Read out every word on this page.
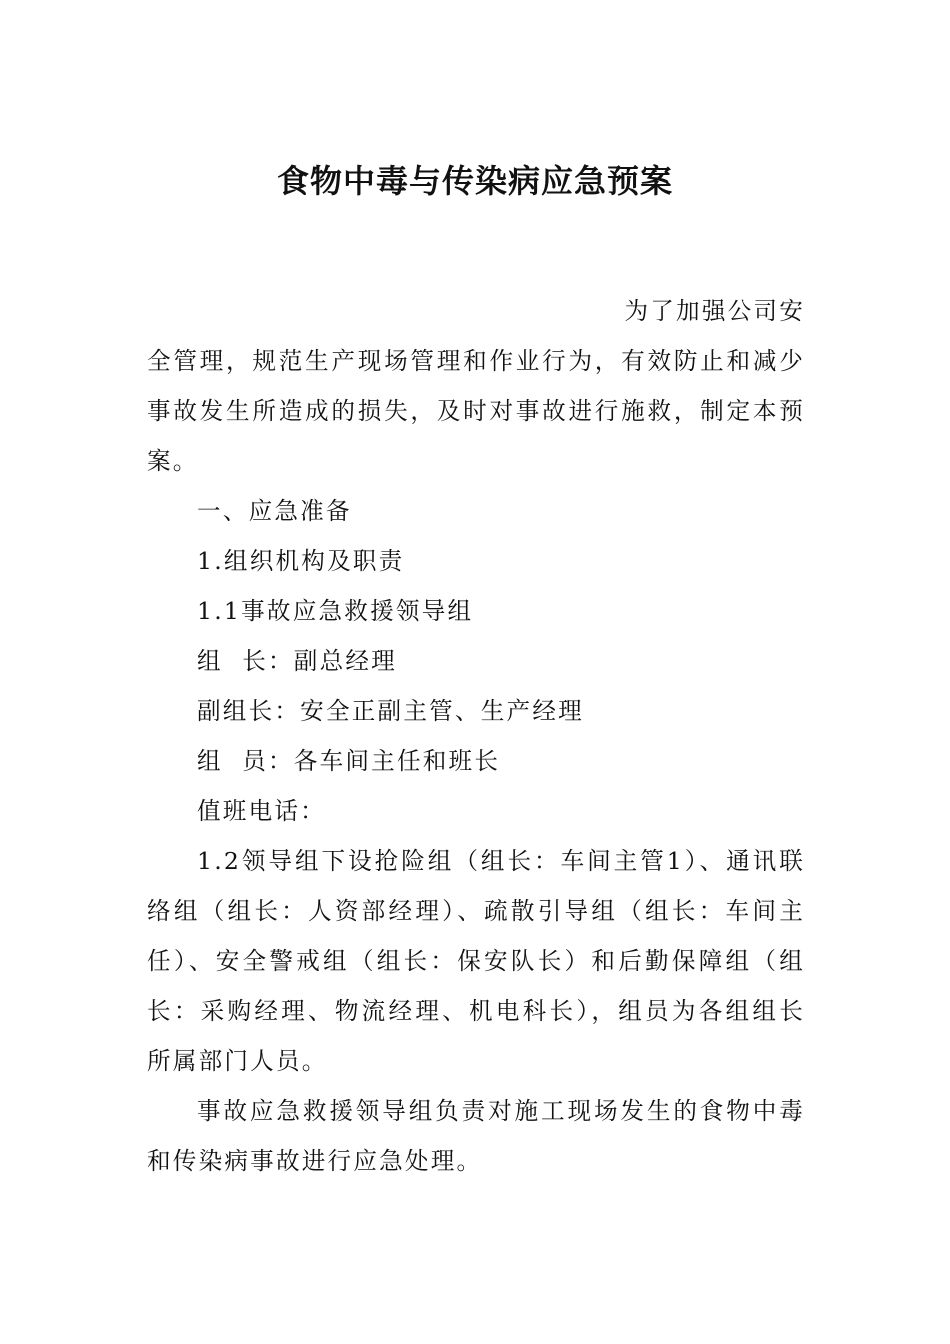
食物中毒与传染病应急预案

为了加强公司安

全管理，规范生产现场管理和作业行为，有效防止和减少事故发生所造成的损失，及时对事故进行施救，制定本预案。

一、应急准备

1.组织机构及职责

1.1事故应急救援领导组

组  长：副总经理

副组长：安全正副主管、生产经理

组  员：各车间主任和班长

值班电话：

1.2领导组下设抢险组（组长：车间主管1）、通讯联络组（组长：人资部经理）、疏散引导组（组长：车间主任）、安全警戒组（组长：保安队长）和后勤保障组（组长：采购经理、物流经理、机电科长），组员为各组组长所属部门人员。

事故应急救援领导组负责对施工现场发生的食物中毒和传染病事故进行应急处理。
